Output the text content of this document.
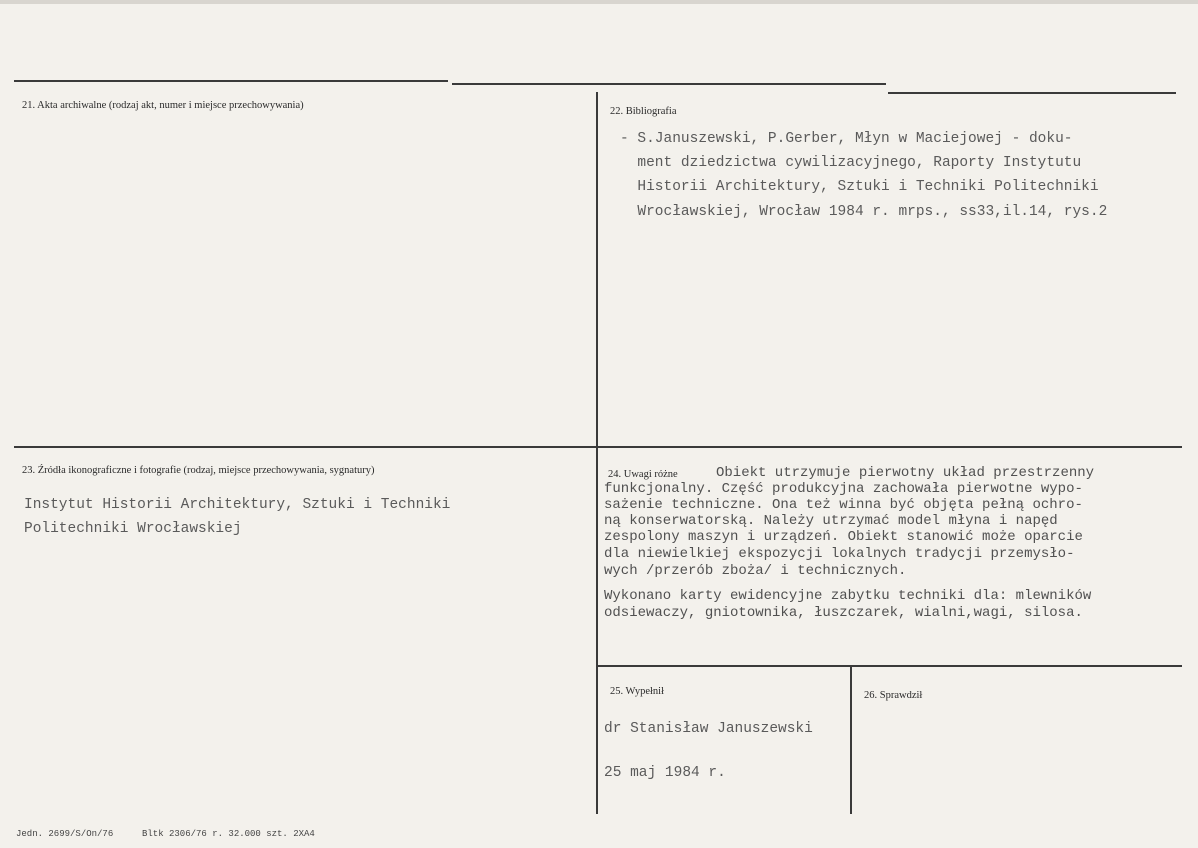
21. Akta archiwalne (rodzaj akt, numer i miejsce przechowywania)
22. Bibliografia
- S.Januszewski, P.Gerber, Młyn w Maciejowej - doku-
ment dziedzictwa cywilizacyjnego, Raporty Instytutu
Historii Architektury, Sztuki i Techniki Politechniki
Wrocławskiej, Wrocław 1984 r. mrps., ss33,il.14, rys.2
23. Źródła ikonograficzne i fotografie (rodzaj, miejsce przechowywania, sygnatury)
Instytut Historii Architektury, Sztuki i Techniki
Politechniki Wrocławskiej
24. Uwagi różne	Obiekt utrzymuje pierwotny układ przestrzenny
funkcjonalny. Część produkcyjna zachowała pierwotne wypo-
sażenie techniczne. Ona też winna być objęta pełną ochro-
ną konserwatorską. Należy utrzymać model młyna i napęd
zespolony maszyn i urządzeń. Obiekt stanowić może oparcie
dla niewielkiej ekspozycji lokalnych tradycji przemysło-
wych /przerób zboża/ i technicznych.
Wykonano karty ewidencyjne zabytku techniki dla: mlewników
odsiewaczy, gniotownika, łuszczarek, wialni,wagi, silosa.
25. Wypełnił
dr Stanisław Januszewski
25 maj 1984 r.
26. Sprawdził
Jedn. 2699/S/On/76	Bltk 2306/76 r. 32.000 szt. 2XA4
